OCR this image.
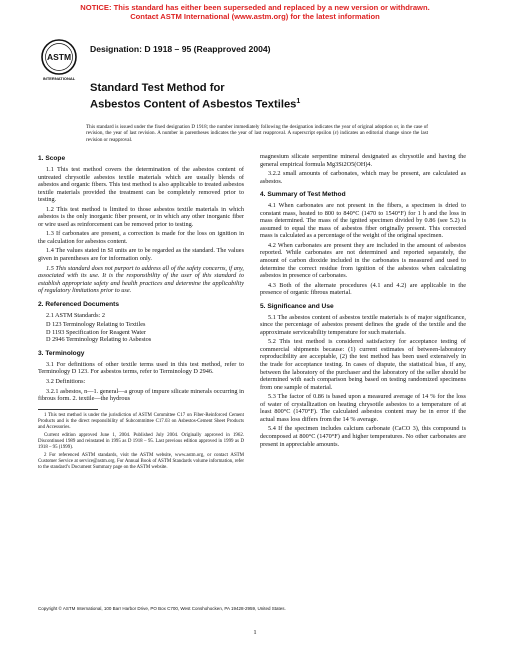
NOTICE: This standard has either been superseded and replaced by a new version or withdrawn.
Contact ASTM International (www.astm.org) for the latest information
ASTM
INTERNATIONAL
Designation: D 1918 – 95 (Reapproved 2004)
Standard Test Method for
Asbestos Content of Asbestos Textiles$^1$
This standard is issued under the fixed designation D 1918; the number immediately following the designation indicates the year of original adoption or, in the case of revision, the year of last revision. A number in parentheses indicates the year of last reapproval. A superscript epsilon (ε) indicates an editorial change since the last revision or reapproval.
1. Scope

1.1 This test method covers the determination of the asbestos content of untreated chrysotile asbestos textile materials which are usually blends of asbestos and organic fibers. This test method is also applicable to treated asbestos textile materials provided the treatment can be completely removed prior to testing.

1.2 This test method is limited to those asbestos textile materials in which asbestos is the only inorganic fiber present, or in which any other inorganic fiber or wire used as reinforcement can be removed prior to testing.

1.3 If carbonates are present, a correction is made for the loss on ignition in the calculation for asbestos content.

1.4 The values stated in SI units are to be regarded as the standard. The values given in parentheses are for information only.

1.5 This standard does not purport to address all of the safety concerns, if any, associated with its use. It is the responsibility of the user of this standard to establish appropriate safety and health practices and determine the applicability of regulatory limitations prior to use.

2. Referenced Documents

2.1 ASTM Standards: 2

D 123 Terminology Relating to Textiles
D 1193 Specification for Reagent Water
D 2946 Terminology Relating to Asbestos
3. Terminology

3.1 For definitions of other textile terms used in this test method, refer to Terminology D 123. For asbestos terms, refer to Terminology D 2946.

3.2 Definitions:

3.2.1 asbestos, n—1. general—a group of impure silicate minerals occurring in fibrous form. 2. textile—the hydrous

1 This test method is under the jurisdiction of ASTM Committee C17 on Fiber-Reinforced Cement Products and is the direct responsibility of Subcommittee C17.03 on Asbestos-Cement Sheet Products and Accessories.

Current edition approved June 1, 2004. Published July 2004. Originally approved in 1962. Discontinued 1989 and reinstated in 1995 as D 1918 – 95. Last previous edition approved in 1999 as D 1918 – 95 (1999).

2 For referenced ASTM standards, visit the ASTM website, www.astm.org, or contact ASTM Customer Service at service@astm.org. For Annual Book of ASTM Standards volume information, refer to the standard’s Document Summary page on the ASTM website.

magnesium silicate serpentine mineral designated as chrysotile and having the general empirical formula Mg3Si2O5(OH)4.

3.2.2 small amounts of carbonates, which may be present, are calculated as asbestos.

4. Summary of Test Method

4.1 When carbonates are not present in the fibers, a specimen is dried to constant mass, heated to 800 to 840°C (1470 to 1540°F) for 1 h and the loss in mass determined. The mass of the ignited specimen divided by 0.86 (see 5.2) is assumed to equal the mass of asbestos fiber originally present. This corrected mass is calculated as a percentage of the weight of the original specimen.

4.2 When carbonates are present they are included in the amount of asbestos reported. While carbonates are not determined and reported separately, the amount of carbon dioxide included in the carbonates is measured and used to determine the correct residue from ignition of the asbestos when calculating asbestos in presence of carbonates.

4.3 Both of the alternate procedures (4.1 and 4.2) are applicable in the presence of organic fibrous material.

5. Significance and Use

5.1 The asbestos content of asbestos textile materials is of major significance, since the percentage of asbestos present defines the grade of the textile and the approximate serviceability temperature for such materials.

5.2 This test method is considered satisfactory for acceptance testing of commercial shipments because: (1) current estimates of between-laboratory reproducibility are acceptable, (2) the test method has been used extensively in the trade for acceptance testing. In cases of dispute, the statistical bias, if any, between the laboratory of the purchaser and the laboratory of the seller should be determined with each comparison being based on testing randomized specimens from one sample of material.

5.3 The factor of 0.86 is based upon a measured average of 14 % for the loss of water of crystallization on heating chrysotile asbestos to a temperature of at least 800°C (1470°F). The calculated asbestos content may be in error if the actual mass loss differs from the 14 % average.

5.4 If the specimen includes calcium carbonate (CaCO 3), this compound is decomposed at 800°C (1470°F) and higher temperatures. No other carbonates are present in appreciable amounts.

Copyright © ASTM International, 100 Barr Harbor Drive, PO Box C700, West Conshohocken, PA 19428-2959, United States.
1
